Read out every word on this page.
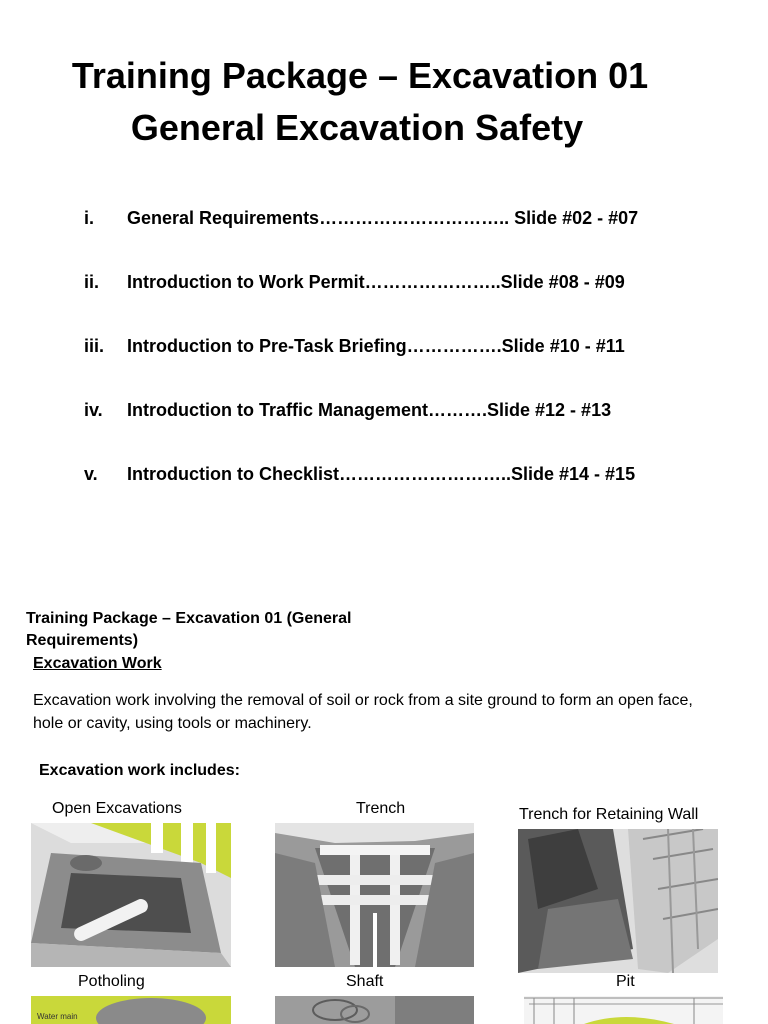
Training Package – Excavation 01
General Excavation Safety
i. General Requirements………………………….. Slide #02 - #07
ii. Introduction to Work Permit…………………..Slide #08 - #09
iii. Introduction to Pre-Task Briefing…………….Slide #10 - #11
iv. Introduction to Traffic Management……….Slide #12 - #13
v. Introduction to Checklist………………………..Slide #14 - #15
Training Package – Excavation 01 (General Requirements)
Excavation Work
Excavation work involving the removal of soil or rock from a site ground to form an open face, hole or cavity, using tools or machinery.
Excavation work includes:
Open Excavations	Trench	Trench for Retaining Wall
Potholing	Shaft	Pit
Water main
